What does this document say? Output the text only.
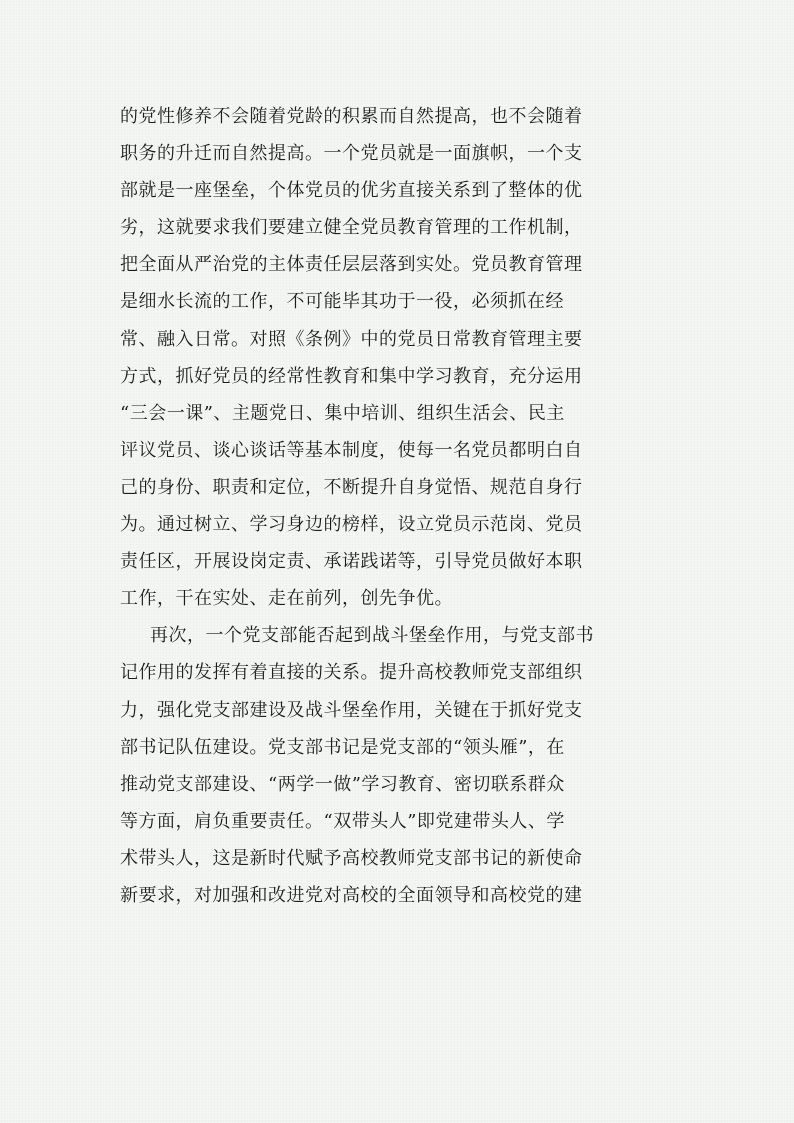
的党性修养不会随着党龄的积累而自然提高，也不会随着
职务的升迁而自然提高。一个党员就是一面旗帜，一个支
部就是一座堡垒，个体党员的优劣直接关系到了整体的优
劣，这就要求我们要建立健全党员教育管理的工作机制，
把全面从严治党的主体责任层层落到实处。党员教育管理
是细水长流的工作，不可能毕其功于一役，必须抓在经
常、融入日常。对照《条例》中的党员日常教育管理主要
方式，抓好党员的经常性教育和集中学习教育，充分运用
“三会一课”、主题党日、集中培训、组织生活会、民主
评议党员、谈心谈话等基本制度，使每一名党员都明白自
己的身份、职责和定位，不断提升自身觉悟、规范自身行
为。通过树立、学习身边的榜样，设立党员示范岗、党员
责任区，开展设岗定责、承诺践诺等，引导党员做好本职
工作，干在实处、走在前列，创先争优。
再次，一个党支部能否起到战斗堡垒作用，与党支部书
记作用的发挥有着直接的关系。提升高校教师党支部组织
力，强化党支部建设及战斗堡垒作用，关键在于抓好党支
部书记队伍建设。党支部书记是党支部的“领头雁”，在
推动党支部建设、“两学一做”学习教育、密切联系群众
等方面，肩负重要责任。“双带头人”即党建带头人、学
术带头人，这是新时代赋予高校教师党支部书记的新使命
新要求，对加强和改进党对高校的全面领导和高校党的建
